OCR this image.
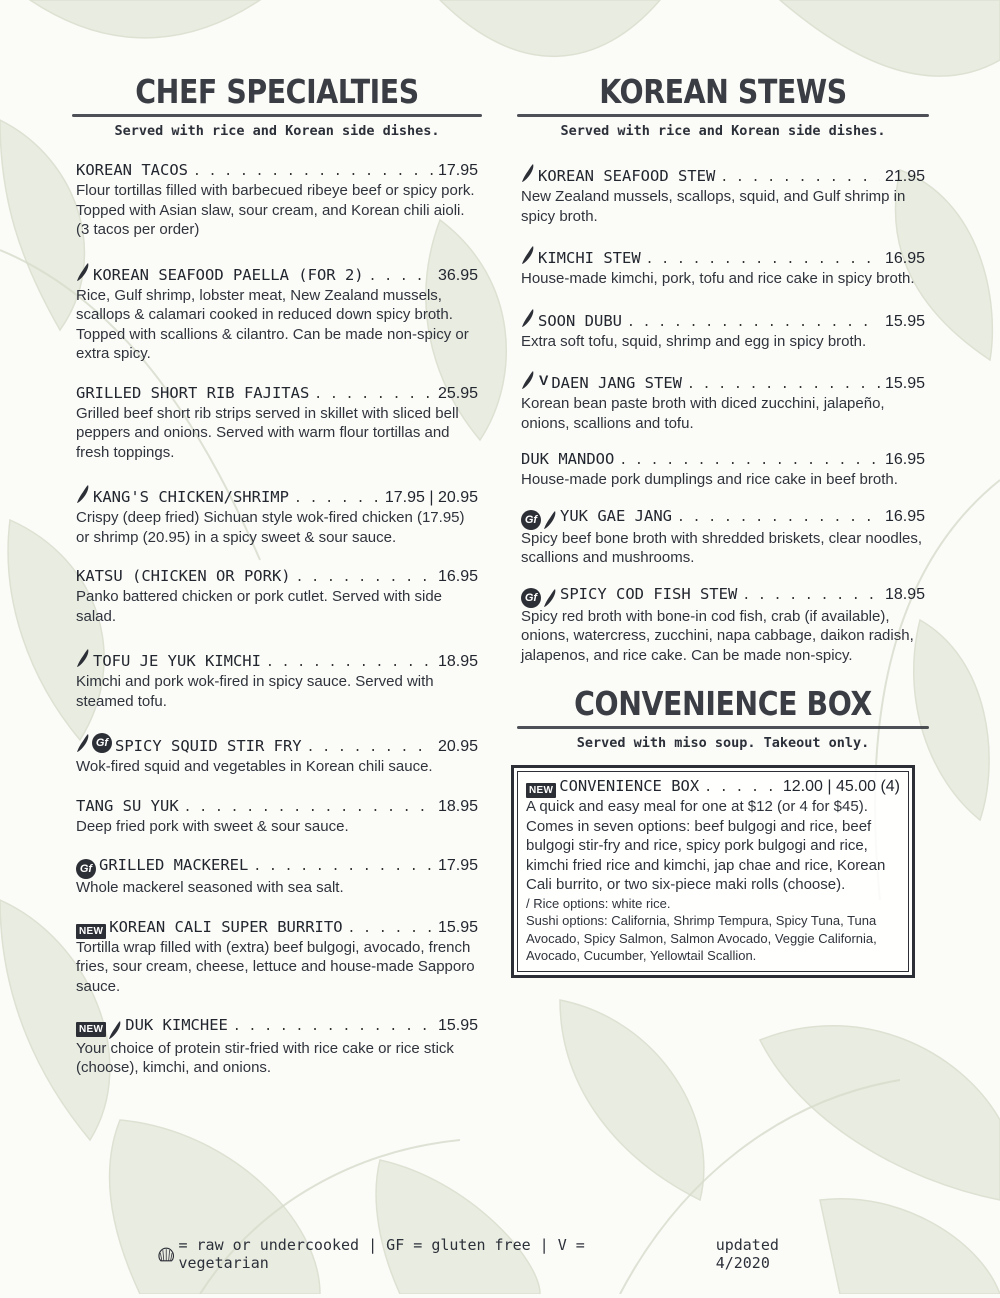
CHEF SPECIALTIES
Served with rice and Korean side dishes.
KOREAN TACOS . . .	17.95
Flour tortillas filled with barbecued ribeye beef or spicy pork. Topped with Asian slaw, sour cream, and Korean chili aioli. (3 tacos per order)
KOREAN SEAFOOD PAELLA (FOR 2) . . .	36.95
Rice, Gulf shrimp, lobster meat, New Zealand mussels, scallops & calamari cooked in reduced down spicy broth. Topped with scallions & cilantro. Can be made non-spicy or extra spicy.
GRILLED SHORT RIB FAJITAS . . .	25.95
Grilled beef short rib strips served in skillet with sliced bell peppers and onions. Served with warm flour tortillas and fresh toppings.
KANG'S CHICKEN/SHRIMP . . .	17.95 | 20.95
Crispy (deep fried) Sichuan style wok-fired chicken (17.95) or shrimp (20.95) in a spicy sweet & sour sauce.
KATSU (CHICKEN OR PORK) . . .	16.95
Panko battered chicken or pork cutlet. Served with side salad.
TOFU JE YUK KIMCHI . . .	18.95
Kimchi and pork wok-fired in spicy sauce. Served with steamed tofu.
Gf SPICY SQUID STIR FRY . . .	20.95
Wok-fired squid and vegetables in Korean chili sauce.
TANG SU YUK . . .	18.95
Deep fried pork with sweet & sour sauce.
Gf GRILLED MACKEREL . . .	17.95
Whole mackerel seasoned with sea salt.
NEW KOREAN CALI SUPER BURRITO . . .	15.95
Tortilla wrap filled with (extra) beef bulgogi, avocado, french fries, sour cream, cheese, lettuce and house-made Sapporo sauce.
NEW DUK KIMCHEE . . .	15.95
Your choice of protein stir-fried with rice cake or rice stick (choose), kimchi, and onions.
KOREAN STEWS
Served with rice and Korean side dishes.
KOREAN SEAFOOD STEW . . .	21.95
New Zealand mussels, scallops, squid, and Gulf shrimp in spicy broth.
KIMCHI STEW . . .	16.95
House-made kimchi, pork, tofu and rice cake in spicy broth.
SOON DUBU . . .	15.95
Extra soft tofu, squid, shrimp and egg in spicy broth.
V DAEN JANG STEW . . .	15.95
Korean bean paste broth with diced zucchini, jalapeño, onions, scallions and tofu.
DUK MANDOO . . .	16.95
House-made pork dumplings and rice cake in beef broth.
Gf YUK GAE JANG . . .	16.95
Spicy beef bone broth with shredded briskets, clear noodles, scallions and mushrooms.
Gf SPICY COD FISH STEW . . .	18.95
Spicy red broth with bone-in cod fish, crab (if available), onions, watercress, zucchini, napa cabbage, daikon radish, jalapenos, and rice cake. Can be made non-spicy.
CONVENIENCE BOX
Served with miso soup. Takeout only.
NEW CONVENIENCE BOX . . .	12.00 | 45.00 (4)
A quick and easy meal for one at $12 (or 4 for $45). Comes in seven options: beef bulgogi and rice, beef bulgogi stir-fry and rice, spicy pork bulgogi and rice, kimchi fried rice and kimchi, jap chae and rice, Korean Cali burrito, or two six-piece maki rolls (choose).
/ Rice options: white rice.
Sushi options: California, Shrimp Tempura, Spicy Tuna, Tuna Avocado, Spicy Salmon, Salmon Avocado, Veggie California, Avocado, Cucumber, Yellowtail Scallion.
= raw or undercooked | GF = gluten free | V = vegetarian
updated 4/2020
